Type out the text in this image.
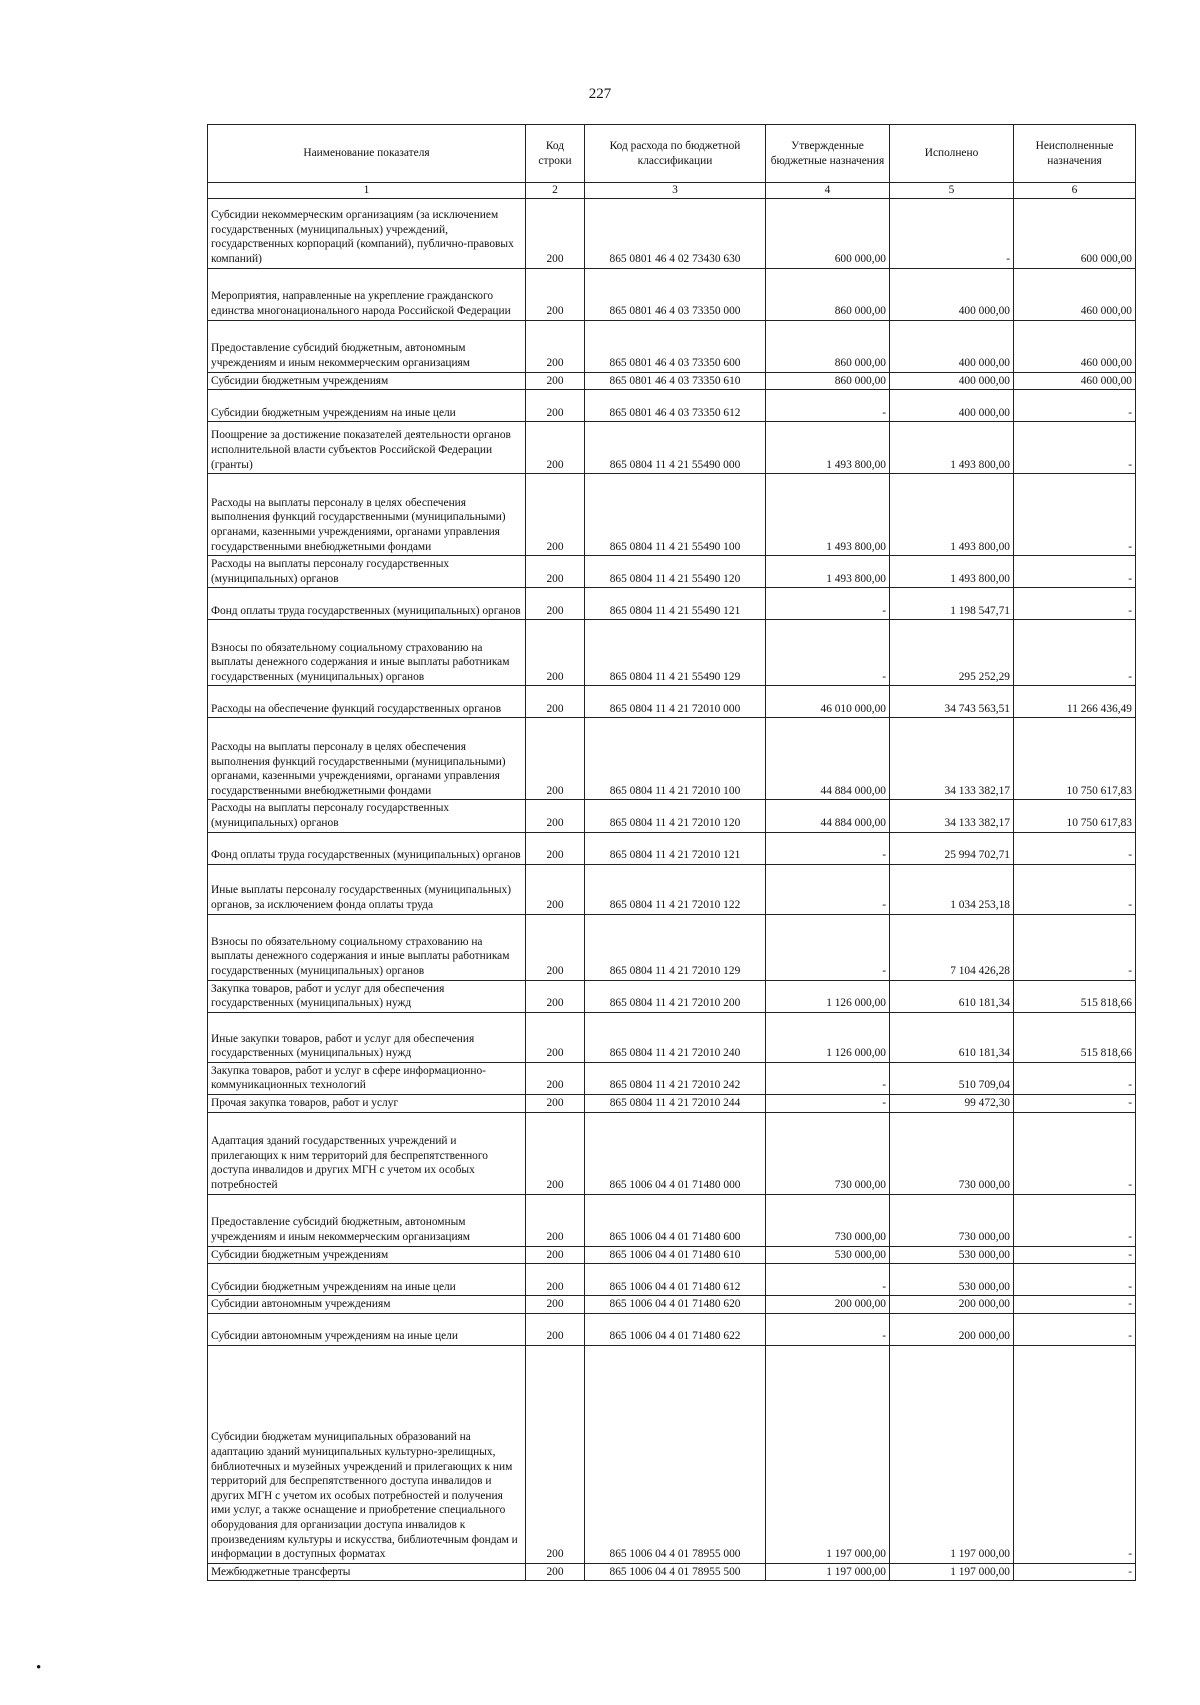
227
Наименование показателя	Код строки	Код расхода по бюджетной классификации	Утвержденные бюджетные назначения	Исполнено	Неисполненные назначения
1	2	3	4	5	6
Субсидии некоммерческим организациям (за исключением государственных (муниципальных) учреждений, государственных корпораций (компаний), публично-правовых компаний)	200	865 0801 46 4 02 73430 630	600 000,00	-	600 000,00
Мероприятия, направленные на укрепление гражданского единства многонационального народа Российской Федерации	200	865 0801 46 4 03 73350 000	860 000,00	400 000,00	460 000,00
Предоставление субсидий бюджетным, автономным учреждениям и иным некоммерческим организациям	200	865 0801 46 4 03 73350 600	860 000,00	400 000,00	460 000,00
Субсидии бюджетным учреждениям	200	865 0801 46 4 03 73350 610	860 000,00	400 000,00	460 000,00
Субсидии бюджетным учреждениям на иные цели	200	865 0801 46 4 03 73350 612	-	400 000,00	-
Поощрение за достижение показателей деятельности органов исполнительной власти субъектов Российской Федерации (гранты)	200	865 0804 11 4 21 55490 000	1 493 800,00	1 493 800,00	-
Расходы на выплаты персоналу в целях обеспечения выполнения функций государственными (муниципальными) органами, казенными учреждениями, органами управления государственными внебюджетными фондами	200	865 0804 11 4 21 55490 100	1 493 800,00	1 493 800,00	-
Расходы на выплаты персоналу государственных (муниципальных) органов	200	865 0804 11 4 21 55490 120	1 493 800,00	1 493 800,00	-
Фонд оплаты труда государственных (муниципальных) органов	200	865 0804 11 4 21 55490 121	-	1 198 547,71	-
Взносы по обязательному социальному страхованию на выплаты денежного содержания и иные выплаты работникам государственных (муниципальных) органов	200	865 0804 11 4 21 55490 129	-	295 252,29	-
Расходы на обеспечение функций государственных органов	200	865 0804 11 4 21 72010 000	46 010 000,00	34 743 563,51	11 266 436,49
Расходы на выплаты персоналу в целях обеспечения выполнения функций государственными (муниципальными) органами, казенными учреждениями, органами управления государственными внебюджетными фондами	200	865 0804 11 4 21 72010 100	44 884 000,00	34 133 382,17	10 750 617,83
Расходы на выплаты персоналу государственных (муниципальных) органов	200	865 0804 11 4 21 72010 120	44 884 000,00	34 133 382,17	10 750 617,83
Фонд оплаты труда государственных (муниципальных) органов	200	865 0804 11 4 21 72010 121	-	25 994 702,71	-
Иные выплаты персоналу государственных (муниципальных) органов, за исключением фонда оплаты труда	200	865 0804 11 4 21 72010 122	-	1 034 253,18	-
Взносы по обязательному социальному страхованию на выплаты денежного содержания и иные выплаты работникам государственных (муниципальных) органов	200	865 0804 11 4 21 72010 129	-	7 104 426,28	-
Закупка товаров, работ и услуг для обеспечения государственных (муниципальных) нужд	200	865 0804 11 4 21 72010 200	1 126 000,00	610 181,34	515 818,66
Иные закупки товаров, работ и услуг для обеспечения государственных (муниципальных) нужд	200	865 0804 11 4 21 72010 240	1 126 000,00	610 181,34	515 818,66
Закупка товаров, работ и услуг в сфере информационно-коммуникационных технологий	200	865 0804 11 4 21 72010 242	-	510 709,04	-
Прочая закупка товаров, работ и услуг	200	865 0804 11 4 21 72010 244	-	99 472,30	-
Адаптация зданий государственных учреждений и прилегающих к ним территорий для беспрепятственного доступа инвалидов и других МГН с учетом их особых потребностей	200	865 1006 04 4 01 71480 000	730 000,00	730 000,00	-
Предоставление субсидий бюджетным, автономным учреждениям и иным некоммерческим организациям	200	865 1006 04 4 01 71480 600	730 000,00	730 000,00	-
Субсидии бюджетным учреждениям	200	865 1006 04 4 01 71480 610	530 000,00	530 000,00	-
Субсидии бюджетным учреждениям на иные цели	200	865 1006 04 4 01 71480 612	-	530 000,00	-
Субсидии автономным учреждениям	200	865 1006 04 4 01 71480 620	200 000,00	200 000,00	-
Субсидии автономным учреждениям на иные цели	200	865 1006 04 4 01 71480 622	-	200 000,00	-
Субсидии бюджетам муниципальных образований на адаптацию зданий муниципальных культурно-зрелищных, библиотечных и музейных учреждений и прилегающих к ним территорий для беспрепятственного доступа инвалидов и других МГН с учетом их особых потребностей и получения ими услуг, а также оснащение и приобретение специального оборудования для организации доступа инвалидов к произведениям культуры и искусства, библиотечным фондам и информации в доступных форматах	200	865 1006 04 4 01 78955 000	1 197 000,00	1 197 000,00	-
Межбюджетные трансферты	200	865 1006 04 4 01 78955 500	1 197 000,00	1 197 000,00	-
•
